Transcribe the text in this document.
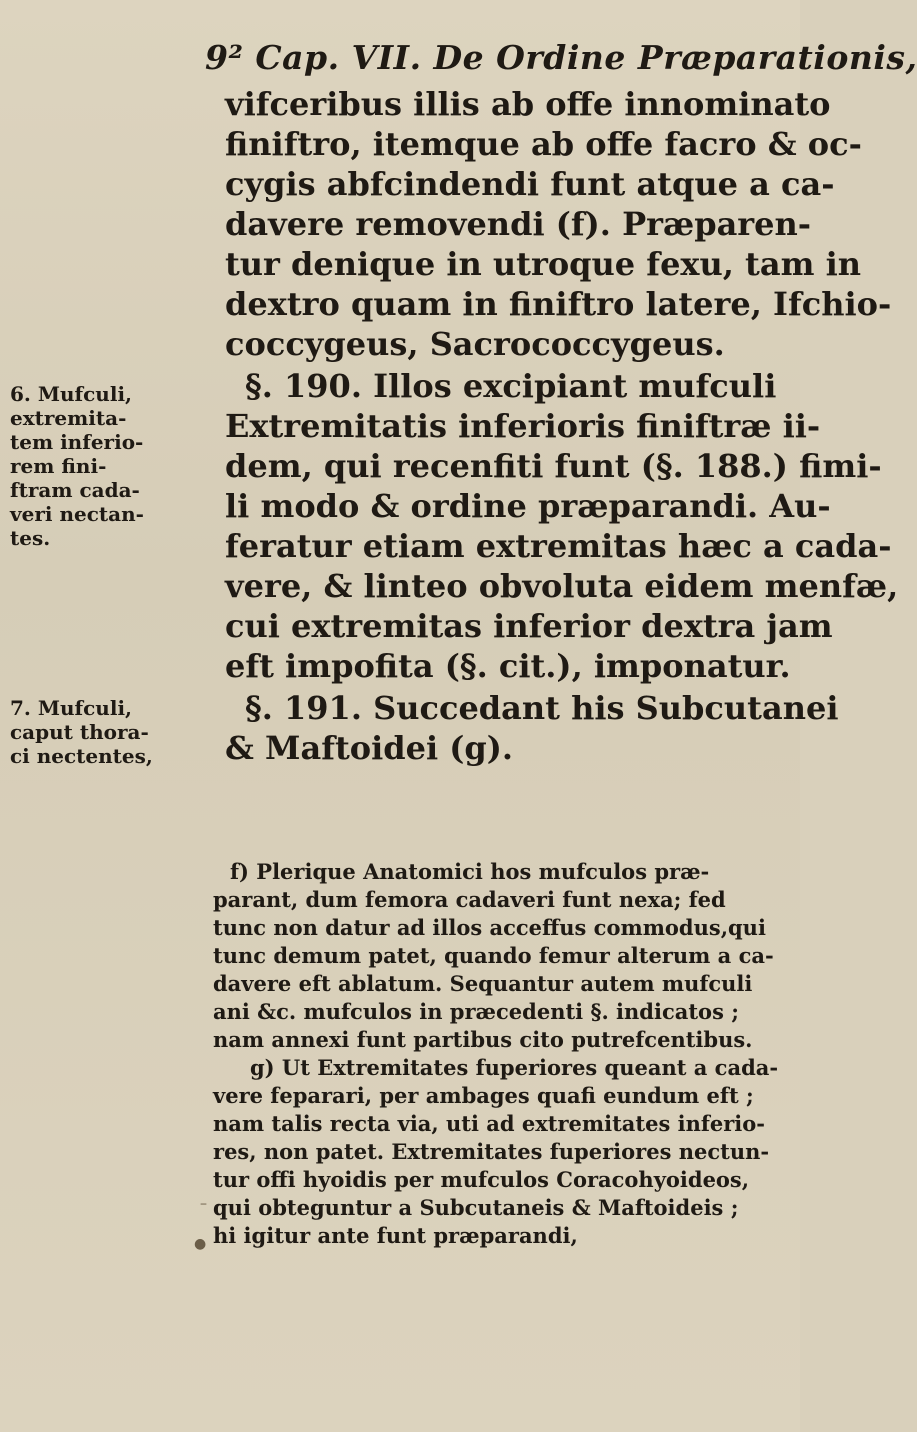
9² Cap. VII. De Ordine Præparationis,
vifceribus illis ab offe innominato
finiftro, itemque ab offe facro & oc-
cygis abfcindendi funt atque a ca-
davere removendi (f). Præparen-
tur denique in utroque fexu, tam in
dextro quam in finiftro latere, Ifchio-
coccygeus, Sacrococcygeus.
§. 190. Illos excipiant mufculi
Extremitatis inferioris finiftræ ii-
dem, qui recenfiti funt (§. 188.) fimi-
li modo & ordine præparandi. Au-
feratur etiam extremitas hæc a cada-
vere, & linteo obvoluta eidem menfæ,
cui extremitas inferior dextra jam
eft impofita (§. cit.), imponatur.
§. 191. Succedant his Subcutanei
& Maftoidei (g).
6. Mufculi,
extremita-
tem inferio-
rem fini-
ftram cada-
veri nectan-
tes.
7. Mufculi,
caput thora-
ci nectentes,
f) Plerique Anatomici hos mufculos præ-
parant, dum femora cadaveri funt nexa; fed
tunc non datur ad illos acceffus commodus,qui
tunc demum patet, quando femur alterum a ca-
davere eft ablatum. Sequantur autem mufculi
ani &c. mufculos in præcedenti §. indicatos ;
nam annexi funt partibus cito putrefcentibus.
g) Ut Extremitates fuperiores queant a cada-
vere feparari, per ambages quafi eundum eft ;
nam talis recta via, uti ad extremitates inferio-
res, non patet. Extremitates fuperiores nectun-
tur offi hyoidis per mufculos Coracohyoideos,
qui obteguntur a Subcutaneis & Maftoideis ;
hi igitur ante funt præparandi,
●
–
